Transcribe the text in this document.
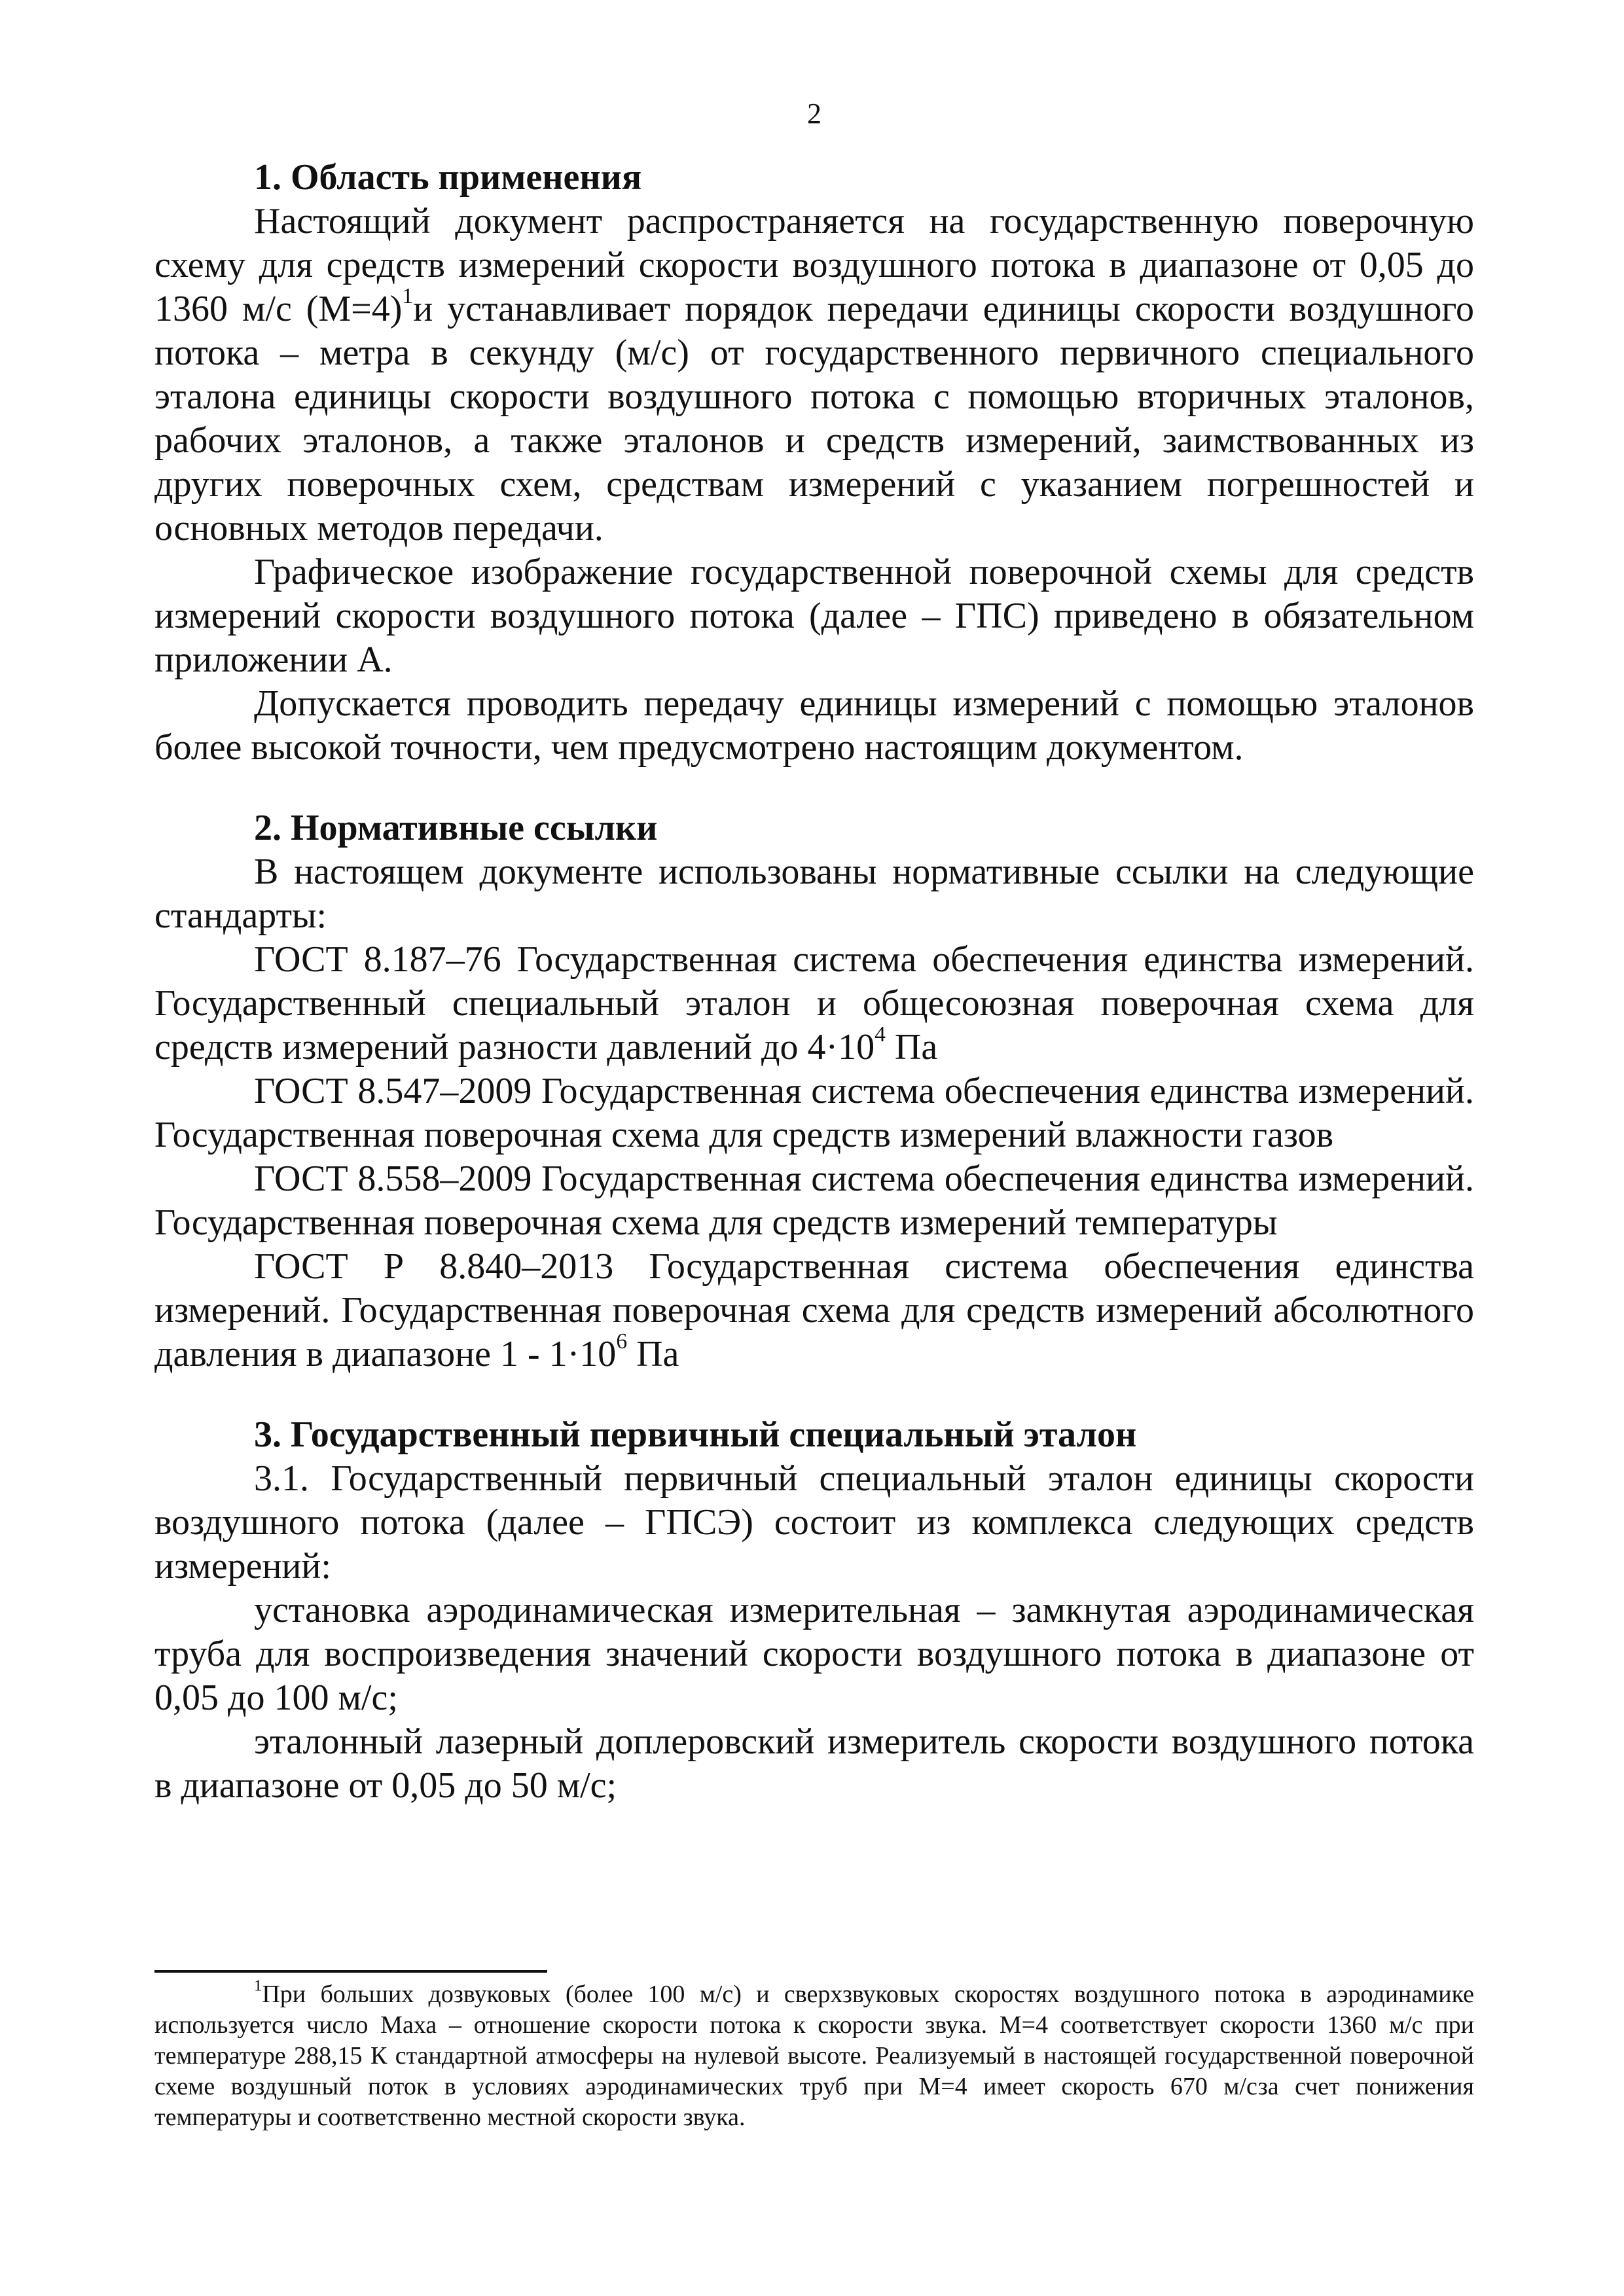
2
1. Область применения

Настоящий документ распространяется на государственную поверочную схему для средств измерений скорости воздушного потока в диапазоне от 0,05 до 1360 м/с (М=4)$^1$и устанавливает порядок передачи единицы скорости воздушного потока – метра в секунду (м/с) от государственного первичного специального эталона единицы скорости воздушного потока с помощью вторичных эталонов, рабочих эталонов, а также эталонов и средств измерений, заимствованных из других поверочных схем, средствам измерений с указанием погрешностей и основных методов передачи.

Графическое изображение государственной поверочной схемы для средств измерений скорости воздушного потока (далее – ГПС) приведено в обязательном приложении А.

Допускается проводить передачу единицы измерений с помощью эталонов более высокой точности, чем предусмотрено настоящим документом.

2. Нормативные ссылки

В настоящем документе использованы нормативные ссылки на следующие стандарты:

ГОСТ 8.187–76 Государственная система обеспечения единства измерений. Государственный специальный эталон и общесоюзная поверочная схема для средств измерений разности давлений до $4\cdot 10^4$ Па

ГОСТ 8.547–2009 Государственная система обеспечения единства измерений. Государственная поверочная схема для средств измерений влажности газов

ГОСТ 8.558–2009 Государственная система обеспечения единства измерений. Государственная поверочная схема для средств измерений температуры

ГОСТ Р 8.840–2013 Государственная система обеспечения единства измерений. Государственная поверочная схема для средств измерений абсолютного давления в диапазоне $1 - 1\cdot 10^6$ Па

3. Государственный первичный специальный эталон

3.1. Государственный первичный специальный эталон единицы скорости воздушного потока (далее – ГПСЭ) состоит из комплекса следующих средств измерений:

установка аэродинамическая измерительная – замкнутая аэродинамическая труба для воспроизведения значений скорости воздушного потока в диапазоне от 0,05 до 100 м/с;

эталонный лазерный доплеровский измеритель скорости воздушного потока в диапазоне от 0,05 до 50 м/с;

$^1$При больших дозвуковых (более 100 м/с) и сверхзвуковых скоростях воздушного потока в аэродинамике используется число Маха – отношение скорости потока к скорости звука. М=4 соответствует скорости 1360 м/с при температуре 288,15 К стандартной атмосферы на нулевой высоте. Реализуемый в настоящей государственной поверочной схеме воздушный поток в условиях аэродинамических труб при М=4 имеет скорость 670 м/сза счет понижения температуры и соответственно местной скорости звука.
